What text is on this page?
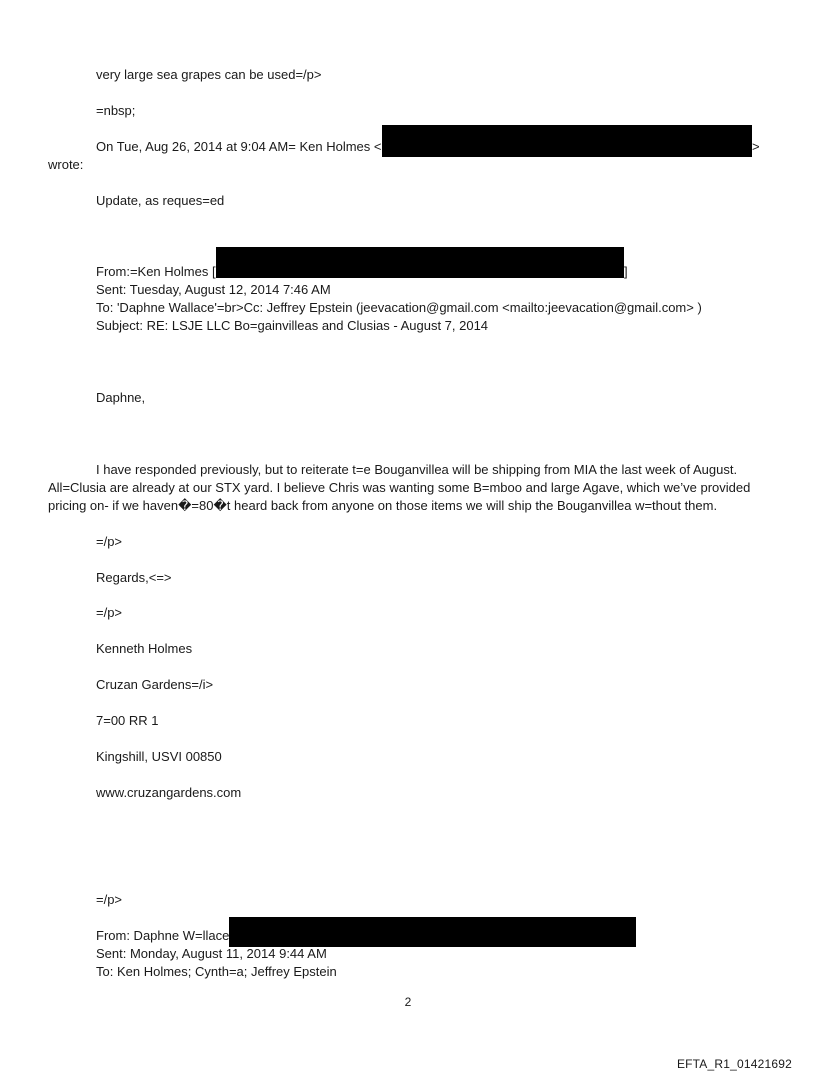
very large sea grapes can be used=/p>
=nbsp;
On Tue, Aug 26, 2014 at 9:04 AM= Ken Holmes <	>
wrote:
Update, as reques=ed
From:=Ken Holmes [	]
Sent: Tuesday, August 12, 2014 7:46 AM
To: 'Daphne Wallace'=br>Cc: Jeffrey Epstein (jeevacation@gmail.com <mailto:jeevacation@gmail.com> )
Subject: RE: LSJE LLC Bo=gainvilleas and Clusias - August 7, 2014
Daphne,
I have responded previously, but to reiterate t=e Bouganvillea will be shipping from MIA the last week of August.
All=Clusia are already at our STX yard. I believe Chris was wanting some B=mboo and large Agave, which we’ve provided
pricing on- if we haven�=80�t heard back from anyone on those items we will ship the Bouganvillea w=thout them.
=/p>
Regards,<=>
=/p>
Kenneth Holmes
Cruzan Gardens=/i>
7=00 RR 1
Kingshill, USVI 00850
www.cruzangardens.com
=/p>
From: Daphne W=llace
Sent: Monday, August 11, 2014 9:44 AM
To: Ken Holmes; Cynth=a; Jeffrey Epstein
2
EFTA_R1_01421692
